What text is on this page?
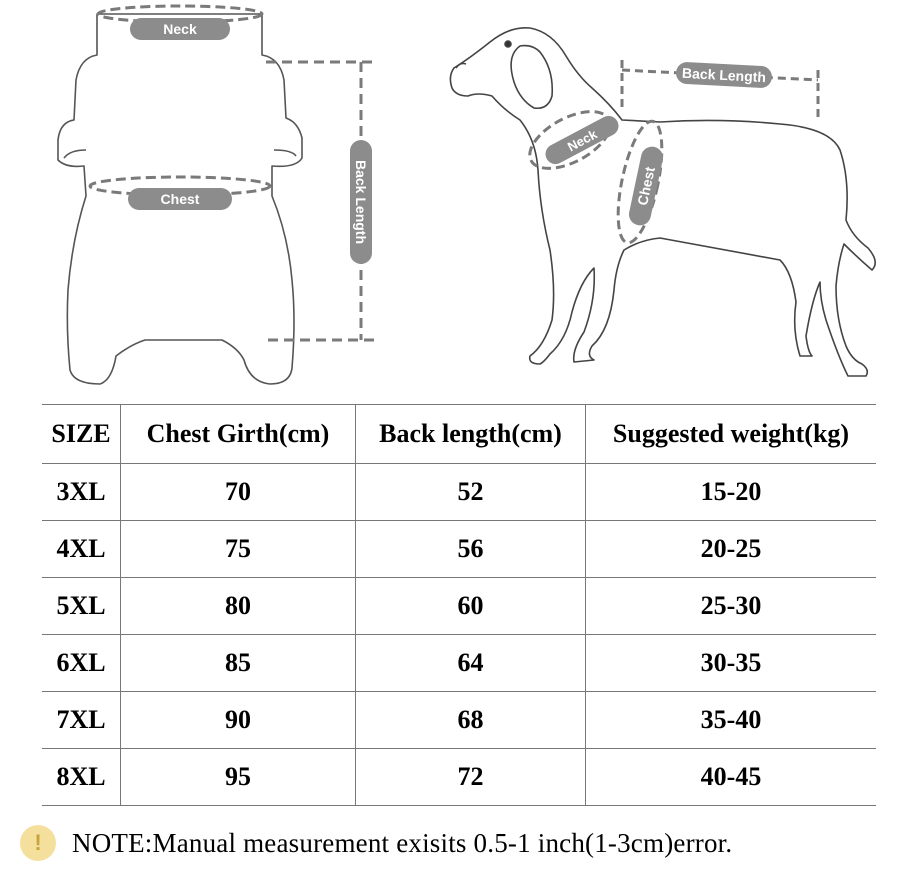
Neck
Chest	Back Length
Neck
Chest
Back Length
SIZE	Chest Girth(cm)	Back length(cm)	Suggested weight(kg)
3XL	70	52	15-20
4XL	75	56	20-25
5XL	80	60	25-30
6XL	85	64	30-35
7XL	90	68	35-40
8XL	95	72	40-45
!	NOTE:Manual measurement exisits 0.5-1 inch(1-3cm)error.
